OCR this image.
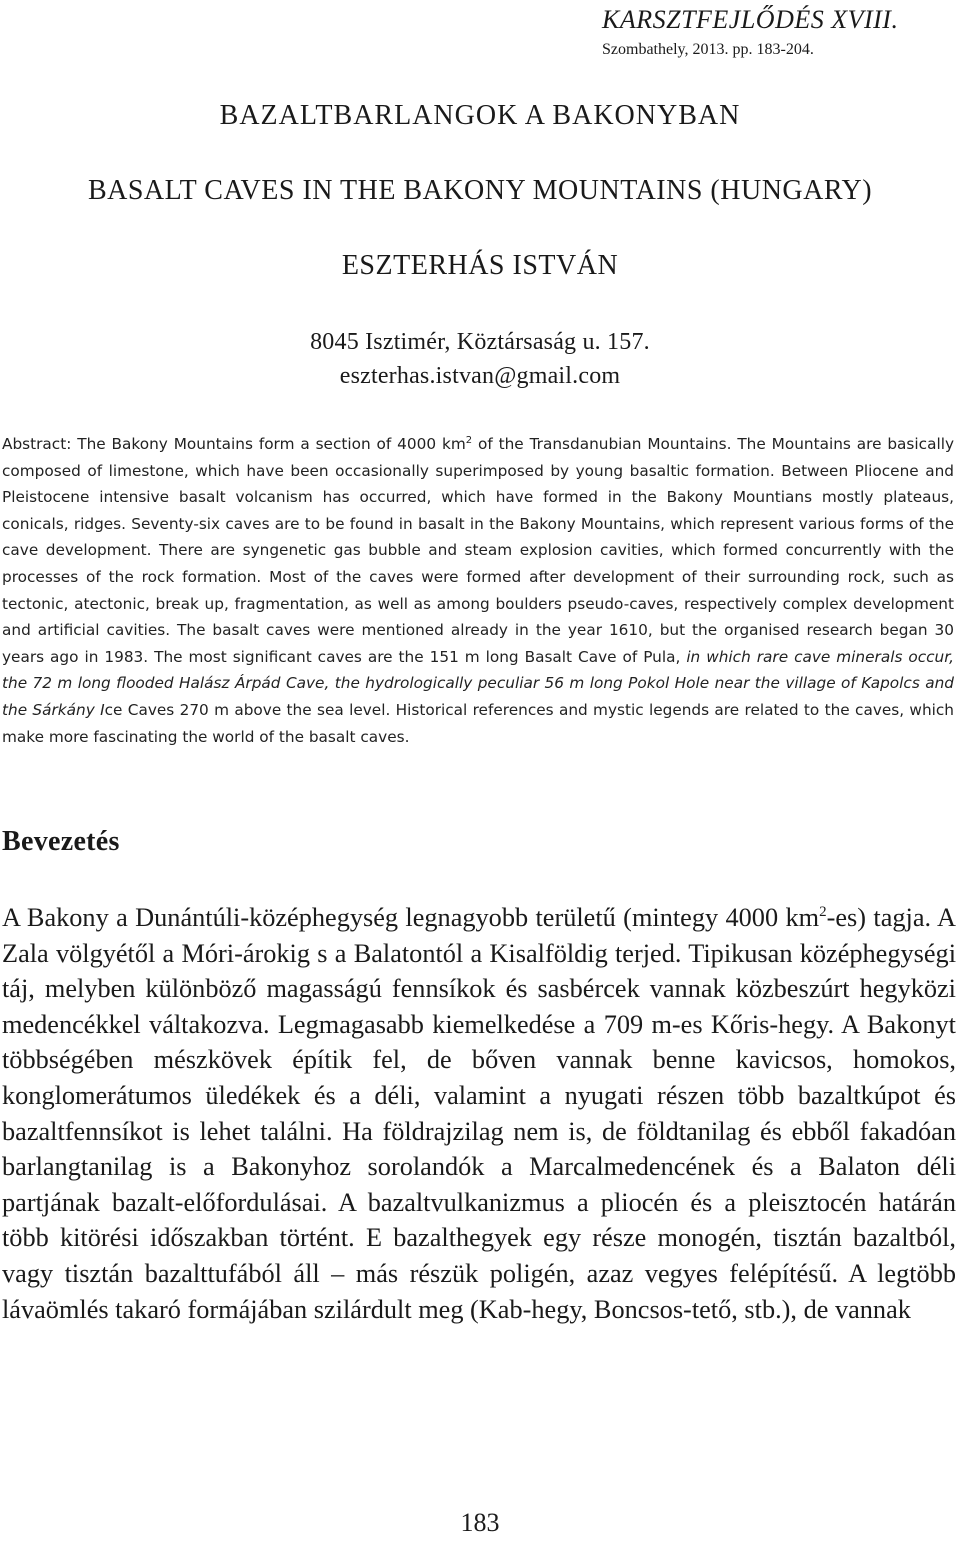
KARSZTFEJLŐDÉS XVIII.
Szombathely, 2013. pp. 183-204.
BAZALTBARLANGOK A BAKONYBAN
BASALT CAVES IN THE BAKONY MOUNTAINS (HUNGARY)
ESZTERHÁS ISTVÁN
8045 Isztimér, Köztársaság u. 157.
eszterhas.istvan@gmail.com
Abstract: The Bakony Mountains form a section of 4000 $km^2$ of the Transdanubian Mountains. The Mountains are basically composed of limestone, which have been occasionally superimposed by young basaltic formation. Between Pliocene and Pleistocene intensive basalt volcanism has occurred, which have formed in the Bakony Mountians mostly plateaus, conicals, ridges. Seventy-six caves are to be found in basalt in the Bakony Mountains, which represent various forms of the cave development. There are syngenetic gas bubble and steam explosion cavities, which formed concurrently with the processes of the rock formation. Most of the caves were formed after development of their surrounding rock, such as tectonic, atectonic, break up, fragmentation, as well as among boulders pseudo-caves, respectively complex development and artificial cavities. The basalt caves were mentioned already in the year 1610, but the organised research began 30 years ago in 1983. The most significant caves are the 151 m long Basalt Cave of Pula, in which rare cave minerals occur, the 72 m long flooded Halász Árpád Cave, the hydrologically peculiar 56 m long Pokol Hole near the village of Kapolcs and the Sárkány Ice Caves 270 m above the sea level. Historical references and mystic legends are related to the caves, which make more fascinating the world of the basalt caves.
Bevezetés
A Bakony a Dunántúli-középhegység legnagyobb területű (mintegy 4000 $km^2-es$) tagja. A Zala völgyétől a Móri-árokig s a Balatontól a Kisalföldig terjed. Tipikusan középhegységi táj, melyben különböző magasságú fennsíkok és sasbércek vannak közbeszúrt hegyközi medencékkel váltakozva. Legmagasabb kiemelkedése a 709 m-es Kőris-hegy. A Bakonyt többségében mészkövek építik fel, de bőven vannak benne kavicsos, homokos, konglomerátumos üledékek és a déli, valamint a nyugati részen több bazaltkúpot és bazaltfennsíkot is lehet találni. Ha földrajzilag nem is, de földtanilag és ebből fakadóan barlangtanilag is a Bakonyhoz sorolandók a Marcalmedencének és a Balaton déli partjának bazalt-előfordulásai. A bazaltvulkanizmus a pliocén és a pleisztocén határán több kitörési időszakban történt. E bazalthegyek egy része monogén, tisztán bazaltból, vagy tisztán bazalttufából áll – más részük poligén, azaz vegyes felépítésű. A legtöbb lávaömlés takaró formájában szilárdult meg (Kab-hegy, Boncsos-tető, stb.), de vannak
183
